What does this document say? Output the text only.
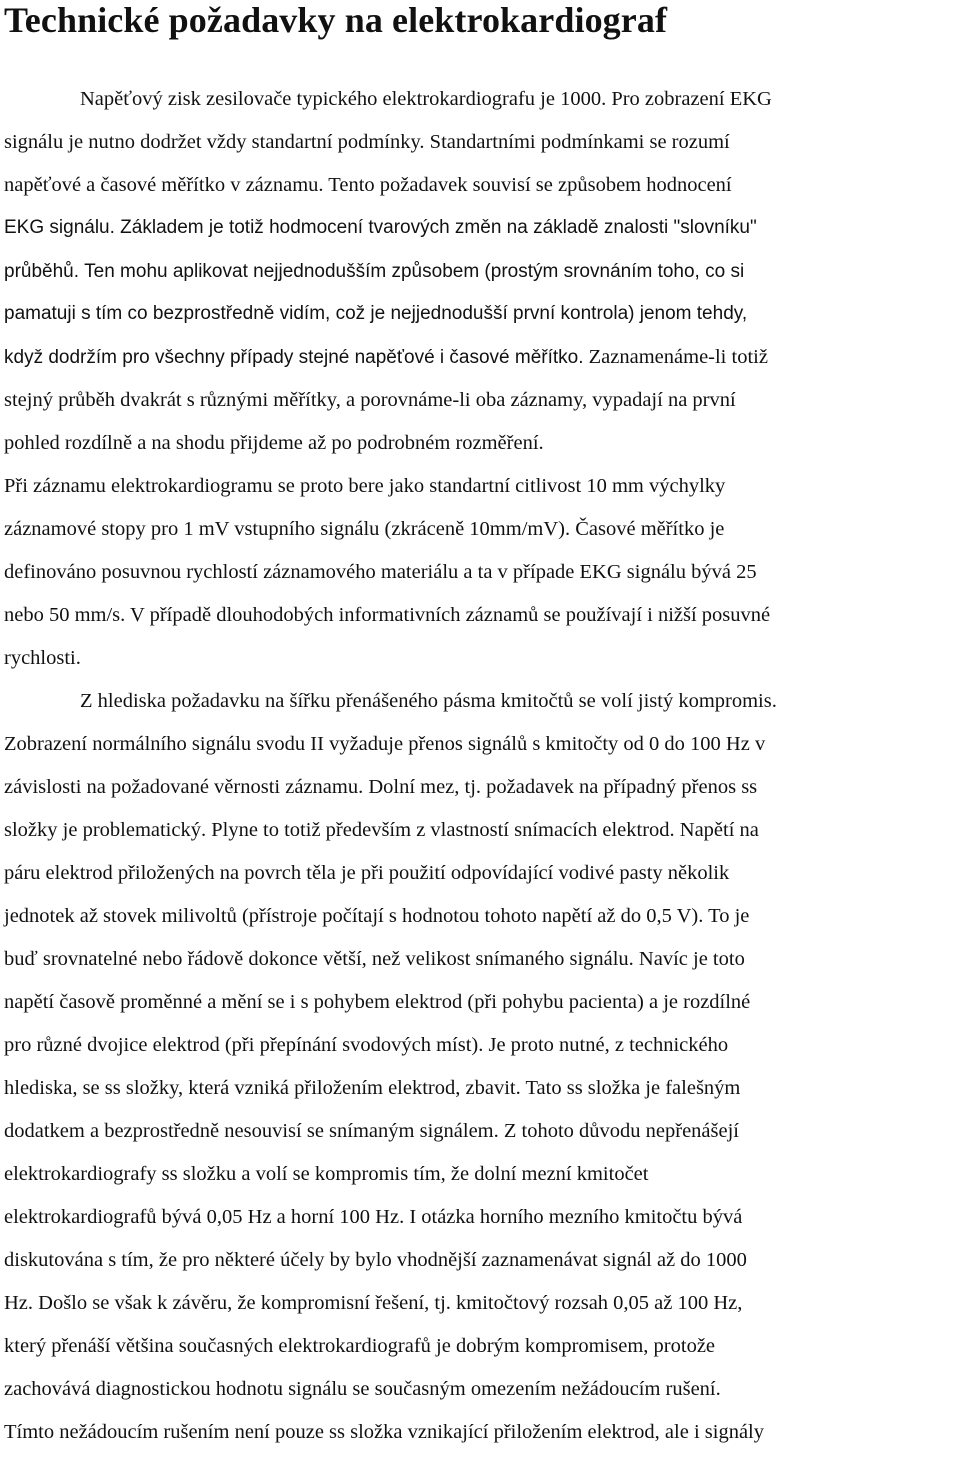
Technické požadavky na elektrokardiograf

Napěťový zisk zesilovače typického elektrokardiografu je 1000. Pro zobrazení EKG

signálu je nutno dodržet vždy standartní podmínky. Standartními podmínkami se rozumí

napěťové a časové měřítko v záznamu. Tento požadavek souvisí se způsobem hodnocení

EKG signálu. Základem je totiž hodmocení tvarových změn na základě znalosti "slovníku"

průběhů. Ten mohu aplikovat nejjednodušším způsobem (prostým srovnáním toho, co si

pamatuji s tím co bezprostředně vidím, což je nejjednodušší první kontrola) jenom tehdy,

když dodržím pro všechny případy stejné napěťové i časové měřítko. Zaznamenáme-li totiž

stejný průběh dvakrát s různými měřítky, a porovnáme-li oba záznamy, vypadají na první

pohled rozdílně a na shodu přijdeme až po podrobném rozměření.

Při záznamu elektrokardiogramu se proto bere jako standartní citlivost 10 mm výchylky

záznamové stopy pro 1 mV vstupního signálu (zkráceně 10mm/mV). Časové měřítko je

definováno posuvnou rychlostí záznamového materiálu a ta v případe EKG signálu bývá 25

nebo 50 mm/s. V případě dlouhodobých informativních záznamů se používají i nižší posuvné

rychlosti.

Z hlediska požadavku na šířku přenášeného pásma kmitočtů se volí jistý kompromis.

Zobrazení normálního signálu svodu II vyžaduje přenos signálů s kmitočty od 0 do 100 Hz v

závislosti na požadované věrnosti záznamu. Dolní mez, tj. požadavek na případný přenos ss

složky je problematický. Plyne to totiž především z vlastností snímacích elektrod. Napětí na

páru elektrod přiložených na povrch těla je při použití odpovídající vodivé pasty několik

jednotek až stovek milivoltů (přístroje počítají s hodnotou tohoto napětí až do 0,5 V). To je

buď srovnatelné nebo řádově dokonce větší, než velikost snímaného signálu. Navíc je toto

napětí časově proměnné a mění se i s pohybem elektrod (při pohybu pacienta) a je rozdílné

pro různé dvojice elektrod (při přepínání svodových míst). Je proto nutné, z technického

hlediska, se ss složky, která vzniká přiložením elektrod, zbavit. Tato ss složka je falešným

dodatkem a bezprostředně nesouvisí se snímaným signálem. Z tohoto důvodu nepřenášejí

elektrokardiografy ss složku a volí se kompromis tím, že dolní mezní kmitočet

elektrokardiografů bývá 0,05 Hz a horní 100 Hz. I otázka horního mezního kmitočtu bývá

diskutována s tím, že pro některé účely by bylo vhodnější zaznamenávat signál až do 1000

Hz. Došlo se však k závěru, že kompromisní řešení, tj. kmitočtový rozsah 0,05 až 100 Hz,

který přenáší většina současných elektrokardiografů je dobrým kompromisem, protože

zachovává diagnostickou hodnotu signálu se současným omezením nežádoucím rušení.

Tímto nežádoucím rušením není pouze ss složka vznikající přiložením elektrod, ale i signály
